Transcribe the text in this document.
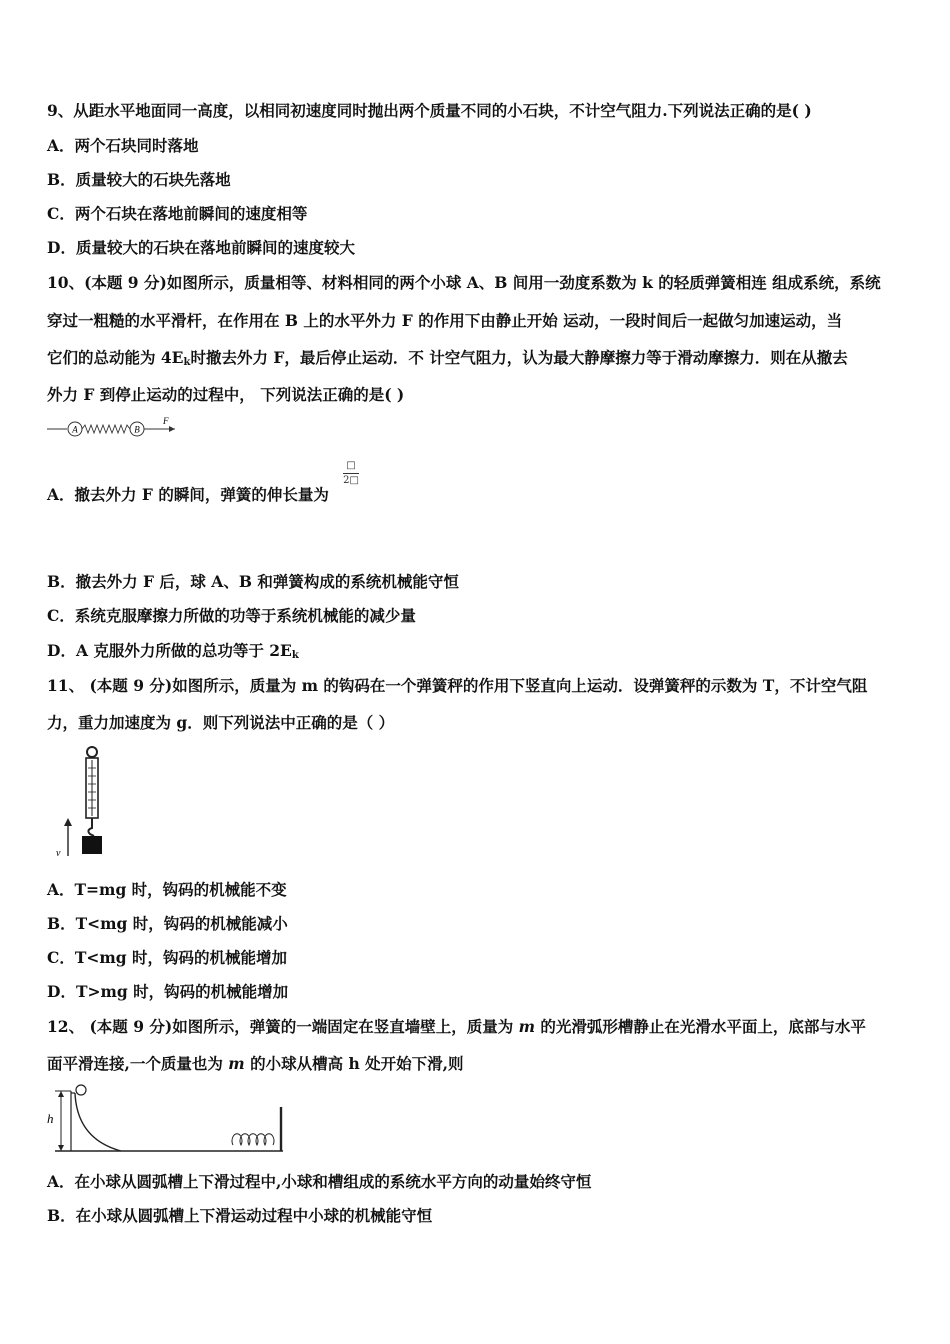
9、从距水平地面同一高度，以相同初速度同时抛出两个质量不同的小石块，不计空气阻力.下列说法正确的是( )
A．两个石块同时落地
B．质量较大的石块先落地
C．两个石块在落地前瞬间的速度相等
D．质量较大的石块在落地前瞬间的速度较大
10、(本题 9 分)如图所示，质量相等、材料相同的两个小球 A、B 间用一劲度系数为 k 的轻质弹簧相连 组成系统，系统
穿过一粗糙的水平滑杆，在作用在 B 上的水平外力 F 的作用下由静止开始 运动，一段时间后一起做匀加速运动，当
它们的总动能为 4Ek时撤去外力 F，最后停止运动．不 计空气阻力，认为最大静摩擦力等于滑动摩擦力．则在从撤去
外力 F 到停止运动的过程中， 下列说法正确的是( )
A	B
F
A．撤去外力 F 的瞬间，弹簧的伸长量为
□
2□
B．撤去外力 F 后，球 A、B 和弹簧构成的系统机械能守恒
C．系统克服摩擦力所做的功等于系统机械能的减少量
D．A 克服外力所做的总功等于 2Ek
11、 (本题 9 分)如图所示，质量为 m 的钩码在一个弹簧秤的作用下竖直向上运动．设弹簧秤的示数为 T，不计空气阻
力，重力加速度为 g．则下列说法中正确的是（ ）
v
A．T=mg 时，钩码的机械能不变
B．T<mg 时，钩码的机械能减小
C．T<mg 时，钩码的机械能增加
D．T>mg 时，钩码的机械能增加
12、 (本题 9 分)如图所示，弹簧的一端固定在竖直墙壁上，质量为 m 的光滑弧形槽静止在光滑水平面上，底部与水平
面平滑连接,一个质量也为 m 的小球从槽高 h 处开始下滑,则
h
A．在小球从圆弧槽上下滑过程中,小球和槽组成的系统水平方向的动量始终守恒
B．在小球从圆弧槽上下滑运动过程中小球的机械能守恒
